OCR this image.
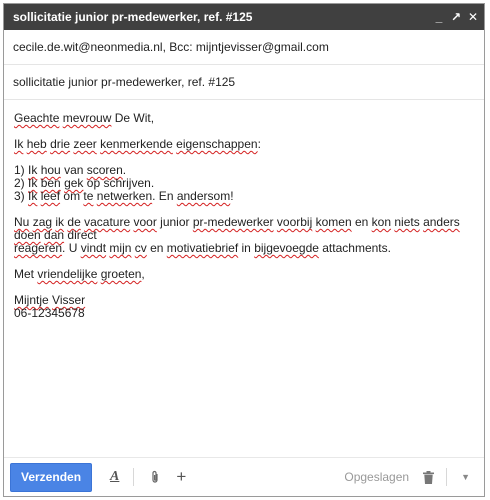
sollicitatie junior pr-medewerker, ref. #125	_ ↗ ✕
cecile.de.wit@neonmedia.nl, Bcc: mijntjevisser@gmail.com
sollicitatie junior pr-medewerker, ref. #125

Geachte mevrouw De Wit,

Ik heb drie zeer kenmerkende eigenschappen:

1) Ik hou van scoren.
2) Ik ben gek op schrijven.
3) Ik leef om te netwerken. En andersom!

Nu zag ik de vacature voor junior pr-medewerker voorbij komen en kon niets anders doen dan direct
reageren. U vindt mijn cv en motivatiebrief in bijgevoegde attachments.

Met vriendelijke groeten,

Mijntje Visser
06-12345678

Verzenden	A	+	Opgeslagen	▼
